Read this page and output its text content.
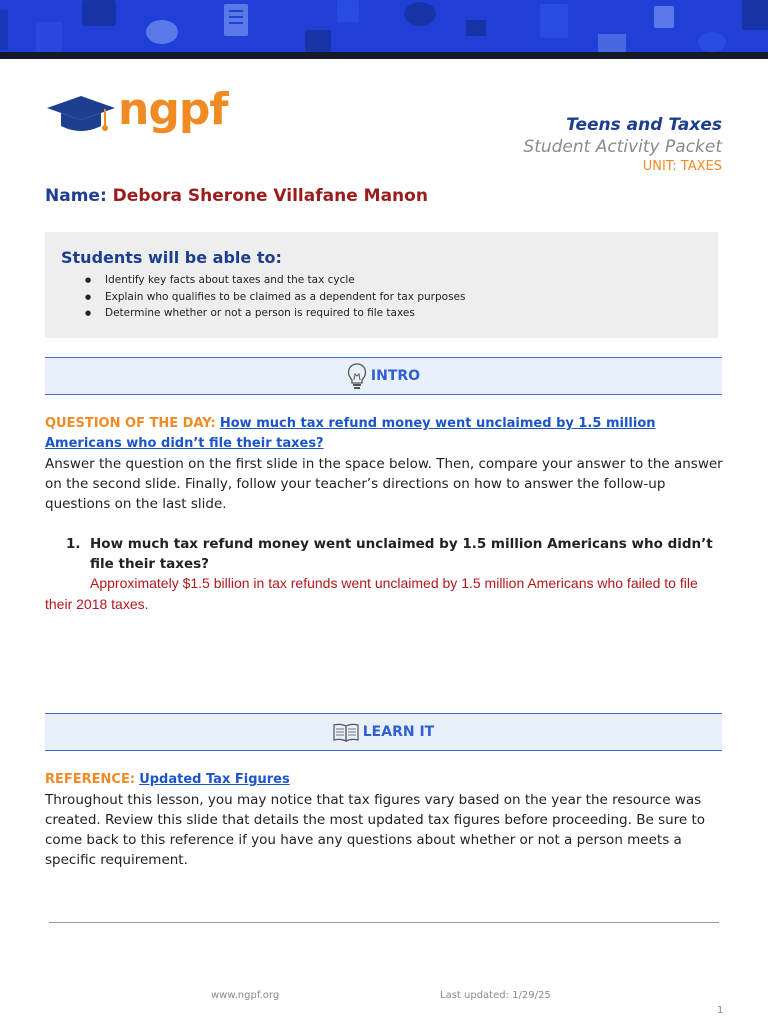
ngpf	Teens and Taxes
Student Activity Packet
UNIT: TAXES
Name: Debora Sherone Villafane Manon
Students will be able to:
● Identify key facts about taxes and the tax cycle
● Explain who qualifies to be claimed as a dependent for tax purposes
● Determine whether or not a person is required to file taxes
INTRO
QUESTION OF THE DAY: How much tax refund money went unclaimed by 1.5 million Americans who didn’t file their taxes?
Answer the question on the first slide in the space below. Then, compare your answer to the answer on the second slide. Finally, follow your teacher’s directions on how to answer the follow-up questions on the last slide.
1. How much tax refund money went unclaimed by 1.5 million Americans who didn’t file their taxes?
Approximately $1.5 billion in tax refunds went unclaimed by 1.5 million Americans who failed to file their 2018 taxes.
LEARN IT
REFERENCE: Updated Tax Figures
Throughout this lesson, you may notice that tax figures vary based on the year the resource was created. Review this slide that details the most updated tax figures before proceeding. Be sure to come back to this reference if you have any questions about whether or not a person meets a specific requirement.
www.ngpf.org	Last updated: 1/29/25
1
